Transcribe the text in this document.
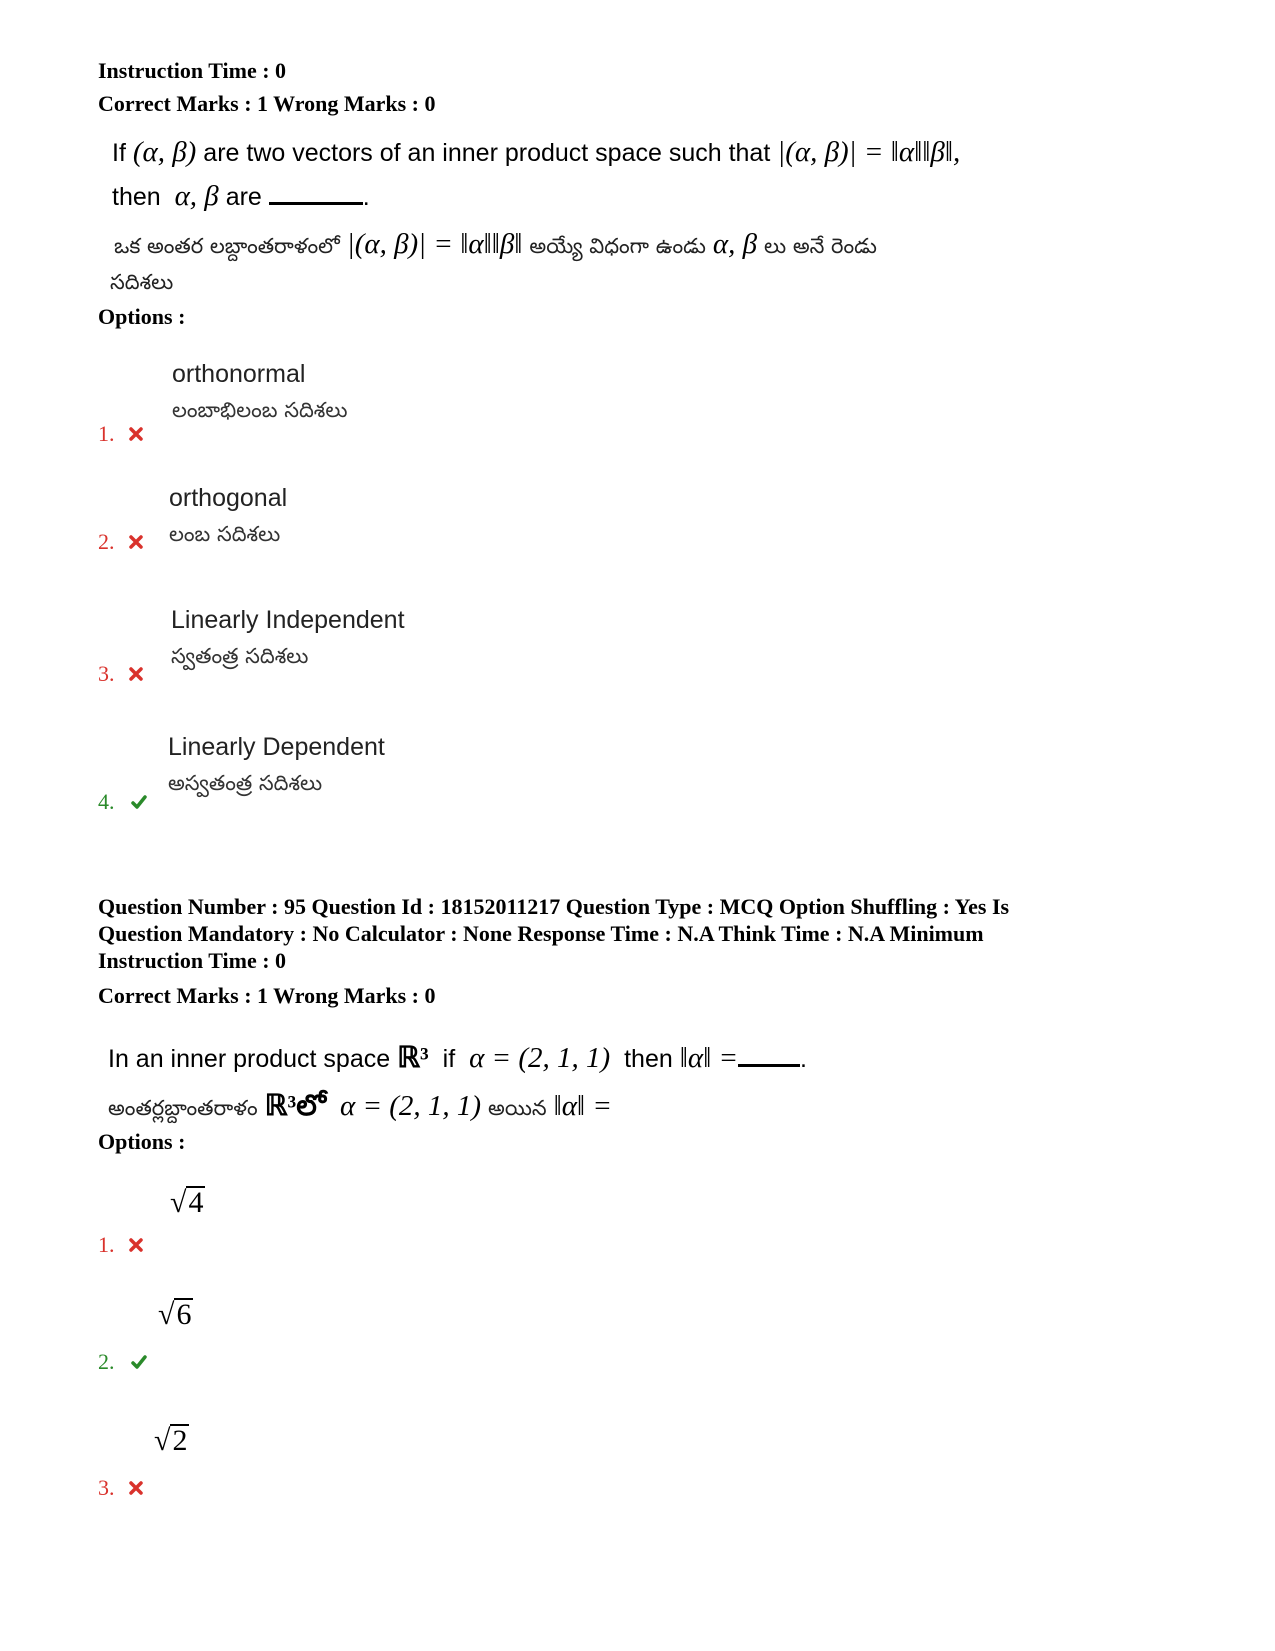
Instruction Time : 0
Correct Marks : 1 Wrong Marks : 0
If (α, β) are two vectors of an inner product space such that |(α, β)| = ‖α‖‖β‖,
then α, β are	.
ఒక అంతర లబ్దాంతరాళంలో |(α, β)| = ‖α‖‖β‖ అయ్యే విధంగా ఉండు α, β లు అనే రెండు
సదిశలు
Options :
orthonormal
లంబాభిలంబ సదిశలు
1.
orthogonal
లంబ సదిశలు
2.
Linearly Independent
స్వతంత్ర సదిశలు
3.
Linearly Dependent
అస్వతంత్ర సదిశలు
4.
Question Number : 95 Question Id : 18152011217 Question Type : MCQ Option Shuffling : Yes Is
Question Mandatory : No Calculator : None Response Time : N.A Think Time : N.A Minimum
Instruction Time : 0
Correct Marks : 1 Wrong Marks : 0
In an inner product space ℝ³ if α = (2, 1, 1) then ‖α‖ = .
అంతర్లబ్దాంతరాళం ℝ³లో α = (2, 1, 1) అయిన ‖α‖ =
Options :
√4
1.
√6
2.
√2
3.
